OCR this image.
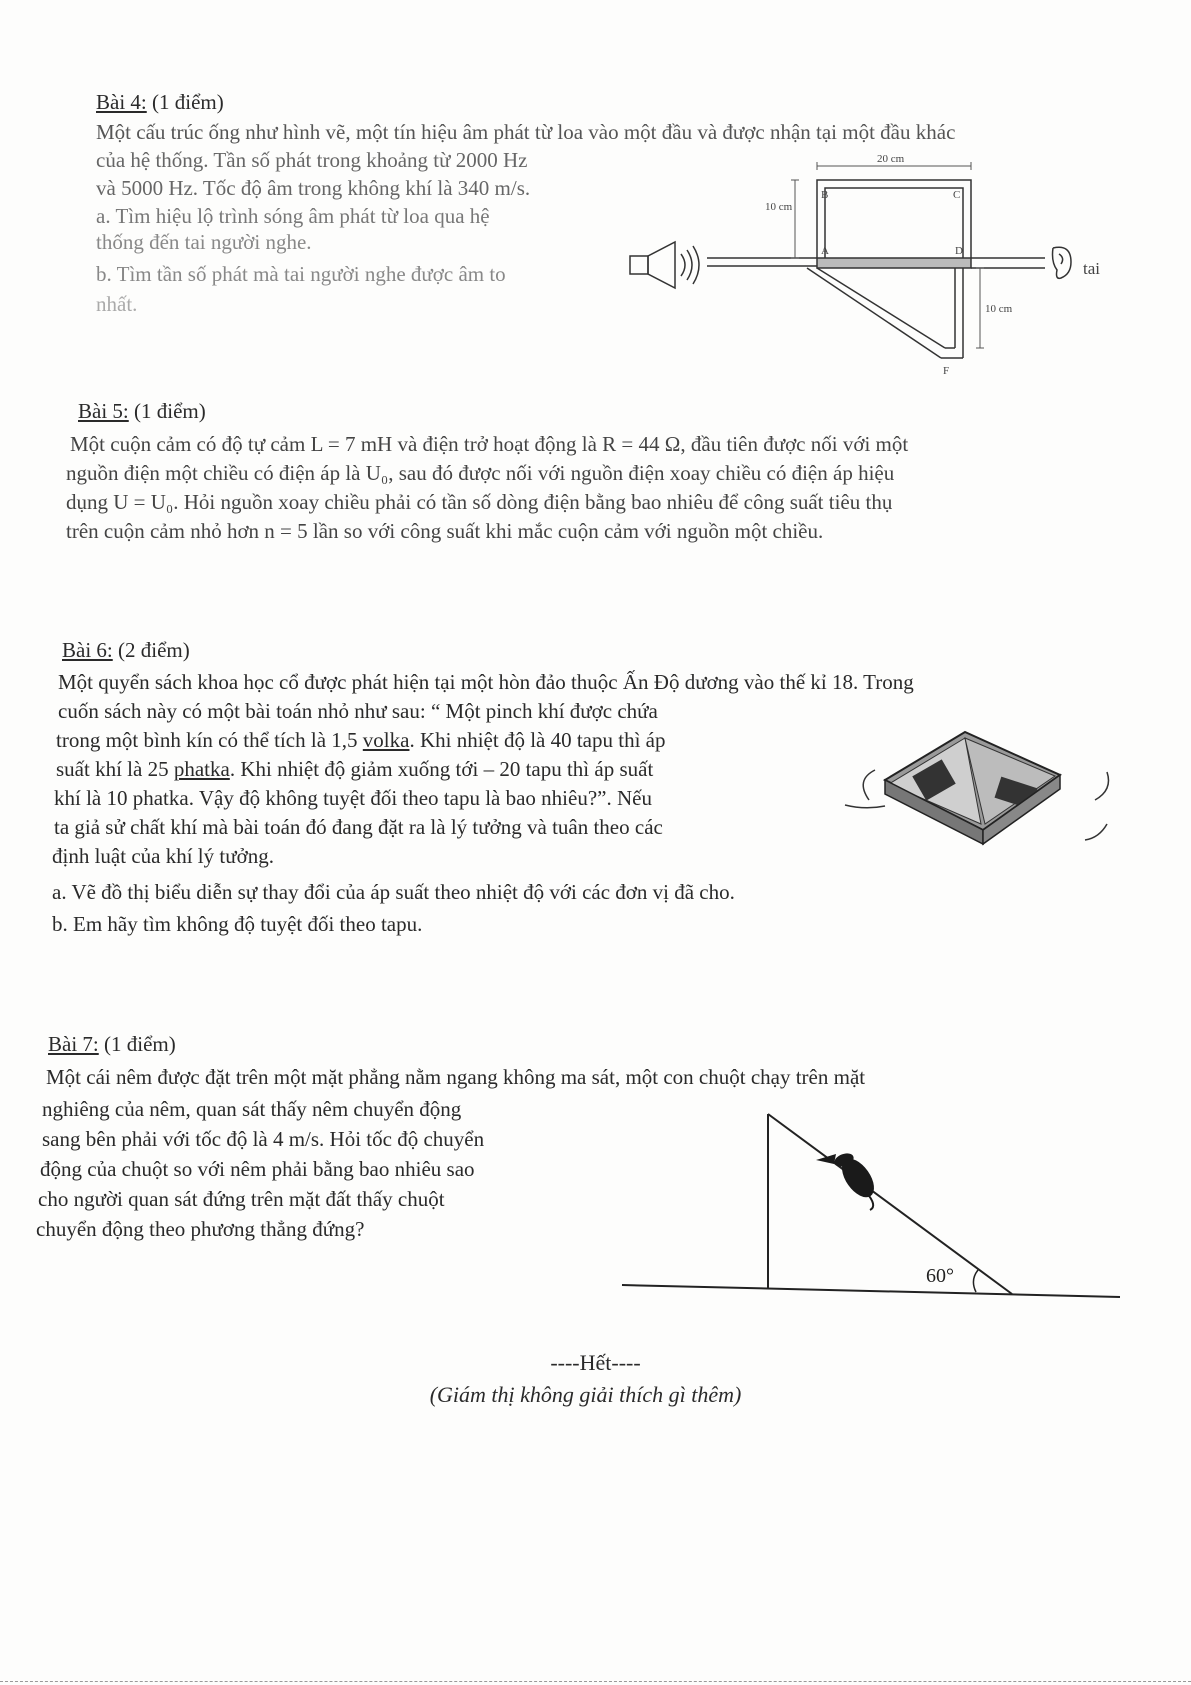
Bài 4: (1 điểm)

Một cấu trúc ống như hình vẽ, một tín hiệu âm phát từ loa vào một đầu và được nhận tại một đầu khác

của hệ thống. Tần số phát trong khoảng từ 2000 Hz

và 5000 Hz. Tốc độ âm trong không khí là 340 m/s.

a. Tìm hiệu lộ trình sóng âm phát từ loa qua hệ

thống đến tai người nghe.

b. Tìm tần số phát mà tai người nghe được âm to

nhất.

tai
20 cm
10 cm
10 cm
B	C
A	D
F
Bài 5: (1 điểm)

Một cuộn cảm có độ tự cảm L = 7 mH và điện trở hoạt động là R = 44 Ω, đầu tiên được nối với một

nguồn điện một chiều có điện áp là U₀, sau đó được nối với nguồn điện xoay chiều có điện áp hiệu

dụng U = U₀. Hỏi nguồn xoay chiều phải có tần số dòng điện bằng bao nhiêu để công suất tiêu thụ

trên cuộn cảm nhỏ hơn n = 5 lần so với công suất khi mắc cuộn cảm với nguồn một chiều.

Bài 6: (2 điểm)

Một quyển sách khoa học cổ được phát hiện tại một hòn đảo thuộc Ấn Độ dương vào thế kỉ 18. Trong

cuốn sách này có một bài toán nhỏ như sau: “ Một pinch khí được chứa

trong một bình kín có thể tích là 1,5 volka. Khi nhiệt độ là 40 tapu thì áp

suất khí là 25 phatka. Khi nhiệt độ giảm xuống tới – 20 tapu thì áp suất

khí là 10 phatka. Vậy độ không tuyệt đối theo tapu là bao nhiêu?”. Nếu

ta giả sử chất khí mà bài toán đó đang đặt ra là lý tưởng và tuân theo các

định luật của khí lý tưởng.

a. Vẽ đồ thị biểu diễn sự thay đổi của áp suất theo nhiệt độ với các đơn vị đã cho.

b. Em hãy tìm không độ tuyệt đối theo tapu.

Bài 7: (1 điểm)

Một cái nêm được đặt trên một mặt phẳng nằm ngang không ma sát, một con chuột chạy trên mặt

nghiêng của nêm, quan sát thấy nêm chuyển động

sang bên phải với tốc độ là 4 m/s. Hỏi tốc độ chuyển

động của chuột so với nêm phải bằng bao nhiêu sao

cho người quan sát đứng trên mặt đất thấy chuột

chuyển động theo phương thẳng đứng?

60°
----Hết----
(Giám thị không giải thích gì thêm)
